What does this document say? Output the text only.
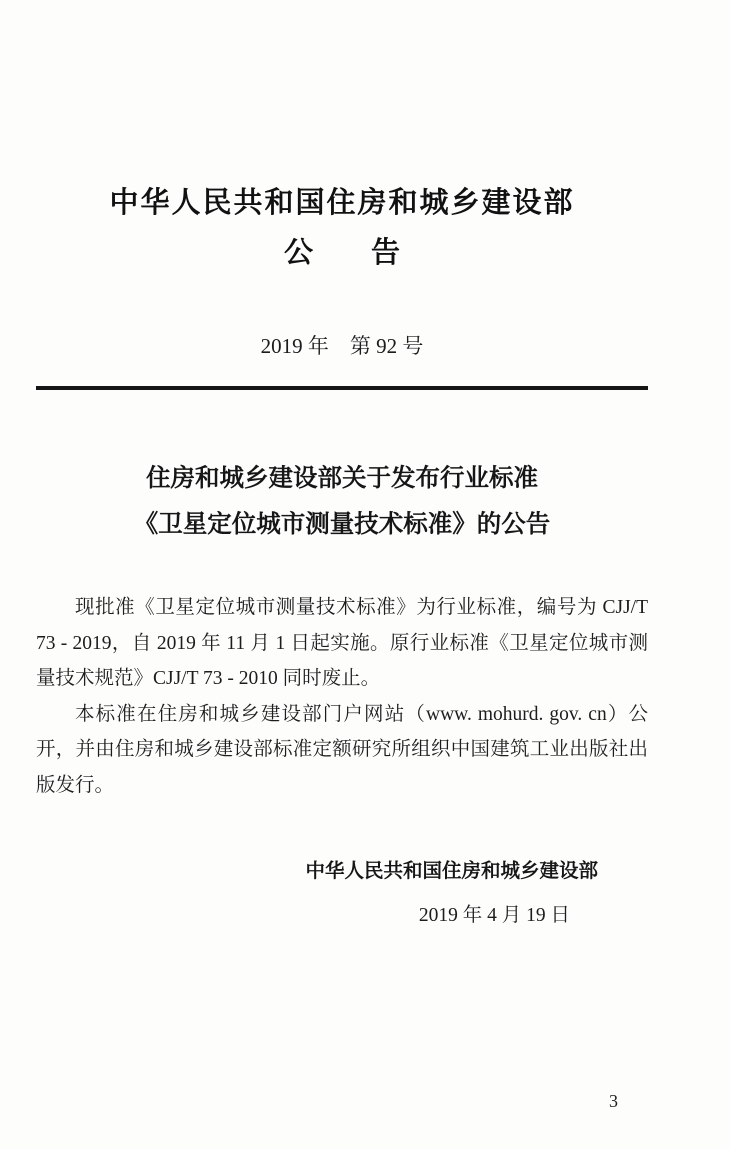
中华人民共和国住房和城乡建设部
公　　告
2019 年　第 92 号
住房和城乡建设部关于发布行业标准
《卫星定位城市测量技术标准》的公告

现批准《卫星定位城市测量技术标准》为行业标准，编号为 CJJ/T 73 - 2019，自 2019 年 11 月 1 日起实施。原行业标准《卫星定位城市测量技术规范》CJJ/T 73 - 2010 同时废止。

本标准在住房和城乡建设部门户网站（www. mohurd. gov. cn）公开，并由住房和城乡建设部标准定额研究所组织中国建筑工业出版社出版发行。

中华人民共和国住房和城乡建设部
2019 年 4 月 19 日
3
